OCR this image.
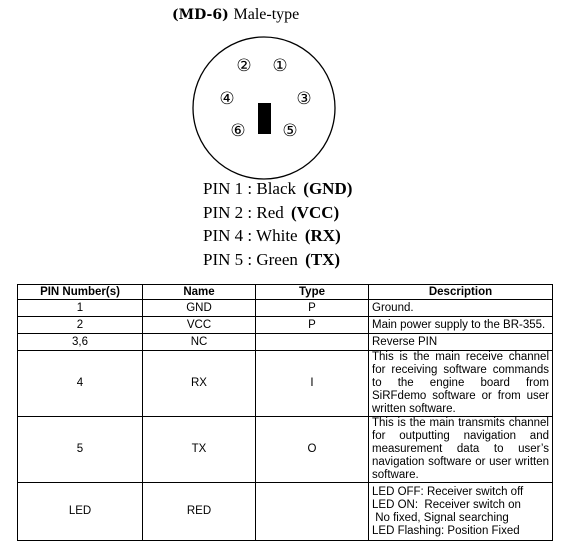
(MD-6) Male-type
①
②
③
④
⑤
⑥
PIN 1 : Black (GND)
PIN 2 : Red (VCC)
PIN 4 : White (RX)
PIN 5 : Green (TX)
PIN Number(s)	Name	Type	Description
1	GND	P	Ground.
2	VCC	P	Main power supply to the BR-355.
3,6	NC		Reverse PIN
4	RX	I	This is the main receive channel for receiving software commands to the engine board from SiRFdemo software or from user written software.
5	TX	O	This is the main transmits channel for outputting navigation and measurement data to user’s navigation software or user written software.
LED	RED		LED OFF: Receiver switch off
LED ON:  Receiver switch on
No fixed, Signal searching
LED Flashing: Position Fixed
